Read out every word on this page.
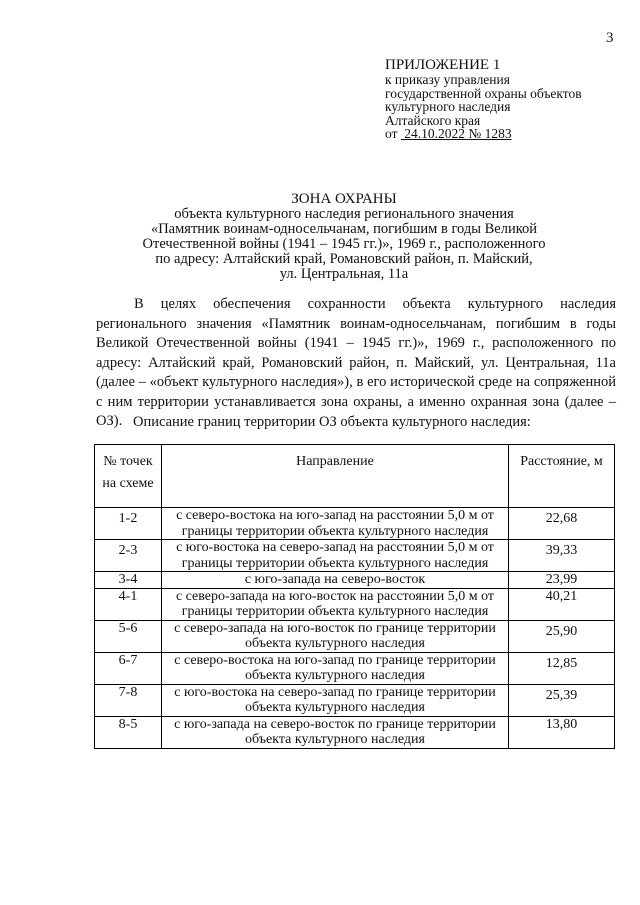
3
ПРИЛОЖЕНИЕ 1
к приказу управления
государственной охраны объектов
культурного наследия
Алтайского края
от 24.10.2022 № 1283
ЗОНА ОХРАНЫ
объекта культурного наследия регионального значения
«Памятник воинам-односельчанам, погибшим в годы Великой
Отечественной войны (1941 – 1945 гг.)», 1969 г., расположенного
по адресу: Алтайский край, Романовский район, п. Майский,
ул. Центральная, 11а

В целях обеспечения сохранности объекта культурного наследия регионального значения «Памятник воинам-односельчанам, погибшим в годы Великой Отечественной войны (1941 – 1945 гг.)», 1969 г., расположенного по адресу: Алтайский край, Романовский район, п. Майский, ул. Центральная, 11а (далее – «объект культурного наследия»), в его исторической среде на сопряженной с ним территории устанавливается зона охраны, а именно охранная зона (далее – ОЗ). Описание границ территории ОЗ объекта культурного наследия:
№ точек
на схеме	Направление	Расстояние, м
1-2	с северо-востока на юго-запад на расстоянии 5,0 м от границы территории объекта культурного наследия	22,68
2-3	с юго-востока на северо-запад на расстоянии 5,0 м от границы территории объекта культурного наследия	39,33
3-4	с юго-запада на северо-восток	23,99
4-1	с северо-запада на юго-восток на расстоянии 5,0 м от границы территории объекта культурного наследия	40,21
5-6	с северо-запада на юго-восток по границе территории объекта культурного наследия	25,90
6-7	с северо-востока на юго-запад по границе территории объекта культурного наследия	12,85
7-8	с юго-востока на северо-запад по границе территории объекта культурного наследия	25,39
8-5	с юго-запада на северо-восток по границе территории объекта культурного наследия	13,80
